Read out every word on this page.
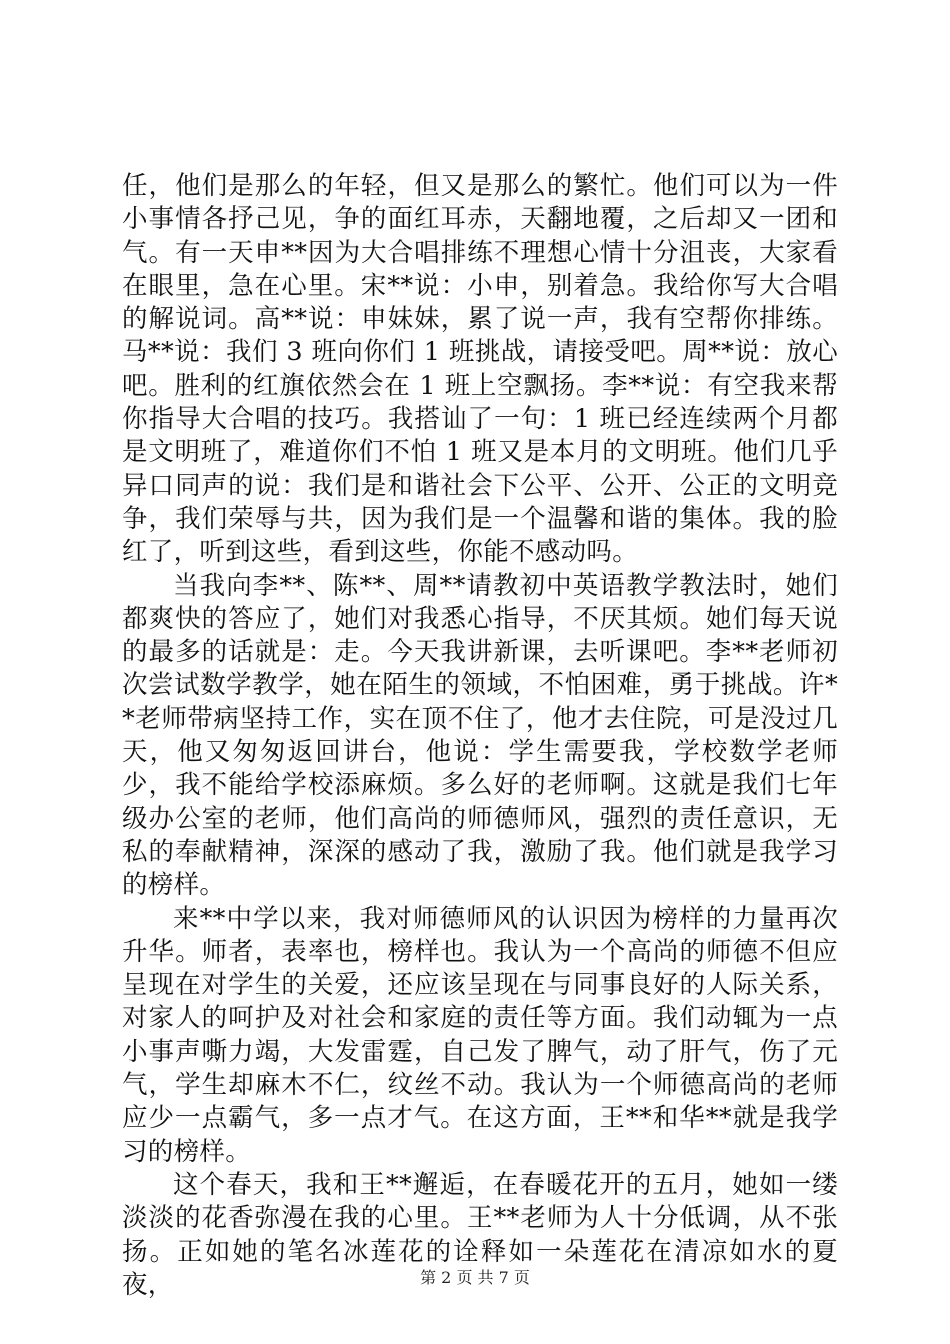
任，他们是那么的年轻，但又是那么的繁忙。他们可以为一件小事情各抒己见，争的面红耳赤，天翻地覆，之后却又一团和气。有一天申**因为大合唱排练不理想心情十分沮丧，大家看在眼里，急在心里。宋**说：小申，别着急。我给你写大合唱的解说词。高**说：申妹妹，累了说一声，我有空帮你排练。马**说：我们 3 班向你们 1 班挑战，请接受吧。周**说：放心吧。胜利的红旗依然会在 1 班上空飘扬。李**说：有空我来帮你指导大合唱的技巧。我搭讪了一句：1 班已经连续两个月都是文明班了，难道你们不怕 1 班又是本月的文明班。他们几乎异口同声的说：我们是和谐社会下公平、公开、公正的文明竞争，我们荣辱与共，因为我们是一个温馨和谐的集体。我的脸红了，听到这些，看到这些，你能不感动吗。

当我向李**、陈**、周**请教初中英语教学教法时，她们都爽快的答应了，她们对我悉心指导，不厌其烦。她们每天说的最多的话就是：走。今天我讲新课，去听课吧。李**老师初次尝试数学教学，她在陌生的领域，不怕困难，勇于挑战。许**老师带病坚持工作，实在顶不住了，他才去住院，可是没过几天，他又匆匆返回讲台，他说：学生需要我，学校数学老师少，我不能给学校添麻烦。多么好的老师啊。这就是我们七年级办公室的老师，他们高尚的师德师风，强烈的责任意识，无私的奉献精神，深深的感动了我，激励了我。他们就是我学习的榜样。

来**中学以来，我对师德师风的认识因为榜样的力量再次升华。师者，表率也，榜样也。我认为一个高尚的师德不但应呈现在对学生的关爱，还应该呈现在与同事良好的人际关系，对家人的呵护及对社会和家庭的责任等方面。我们动辄为一点小事声嘶力竭，大发雷霆，自己发了脾气，动了肝气，伤了元气，学生却麻木不仁，纹丝不动。我认为一个师德高尚的老师应少一点霸气，多一点才气。在这方面，王**和华**就是我学习的榜样。

这个春天，我和王**邂逅，在春暖花开的五月，她如一缕淡淡的花香弥漫在我的心里。王**老师为人十分低调，从不张扬。正如她的笔名冰莲花的诠释如一朵莲花在清凉如水的夏夜，	第 2 页 共 7 页
